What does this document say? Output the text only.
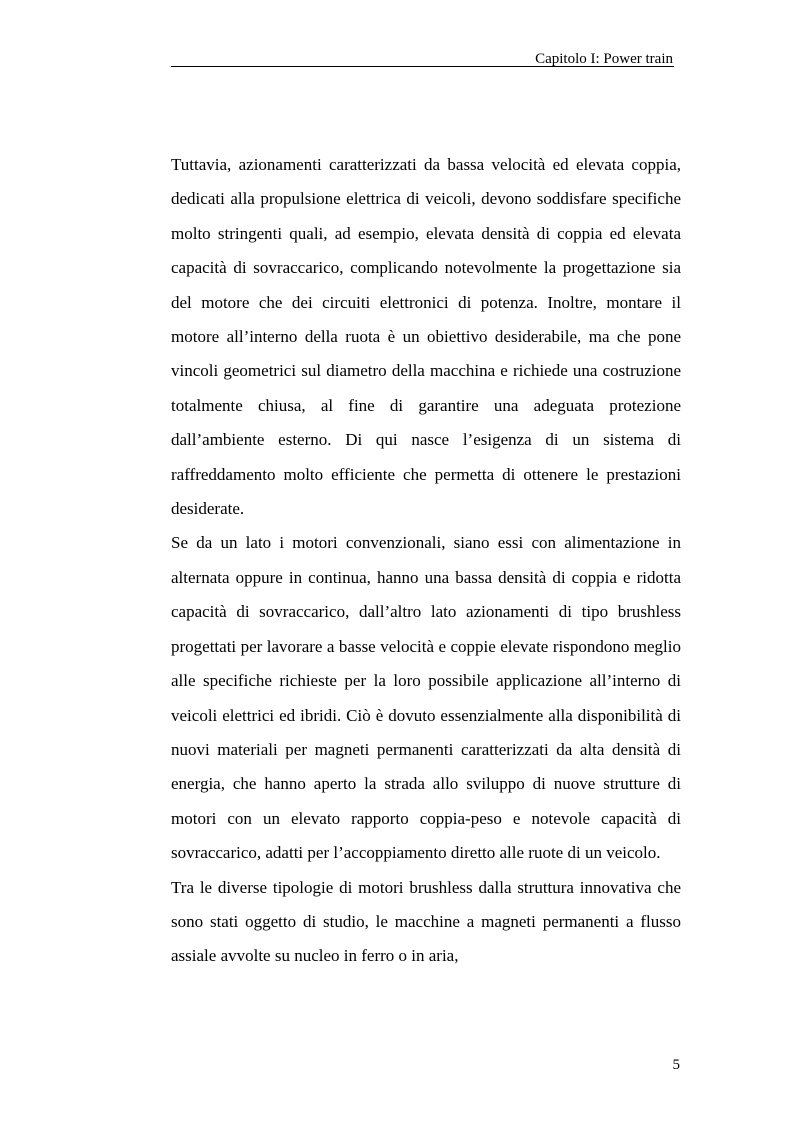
Capitolo I: Power train

Tuttavia, azionamenti caratterizzati da bassa velocità ed elevata coppia, dedicati alla propulsione elettrica di veicoli, devono soddisfare specifiche molto stringenti quali, ad esempio, elevata densità di coppia ed elevata capacità di sovraccarico, complicando notevolmente la progettazione sia del motore che dei circuiti elettronici di potenza. Inoltre, montare il motore all’interno della ruota è un obiettivo desiderabile, ma che pone vincoli geometrici sul diametro della macchina e richiede una costruzione totalmente chiusa, al fine di garantire una adeguata protezione dall’ambiente esterno. Di qui nasce l’esigenza di un sistema di raffreddamento molto efficiente che permetta di ottenere le prestazioni desiderate.

Se da un lato i motori convenzionali, siano essi con alimentazione in alternata oppure in continua, hanno una bassa densità di coppia e ridotta capacità di sovraccarico, dall’altro lato azionamenti di tipo brushless progettati per lavorare a basse velocità e coppie elevate rispondono meglio alle specifiche richieste per la loro possibile applicazione all’interno di veicoli elettrici ed ibridi. Ciò è dovuto essenzialmente alla disponibilità di nuovi materiali per magneti permanenti caratterizzati da alta densità di energia, che hanno aperto la strada allo sviluppo di nuove strutture di motori con un elevato rapporto coppia-peso e notevole capacità di sovraccarico, adatti per l’accoppiamento diretto alle ruote di un veicolo.

Tra le diverse tipologie di motori brushless dalla struttura innovativa che sono stati oggetto di studio, le macchine a magneti permanenti a flusso assiale avvolte su nucleo in ferro o in aria,

5
